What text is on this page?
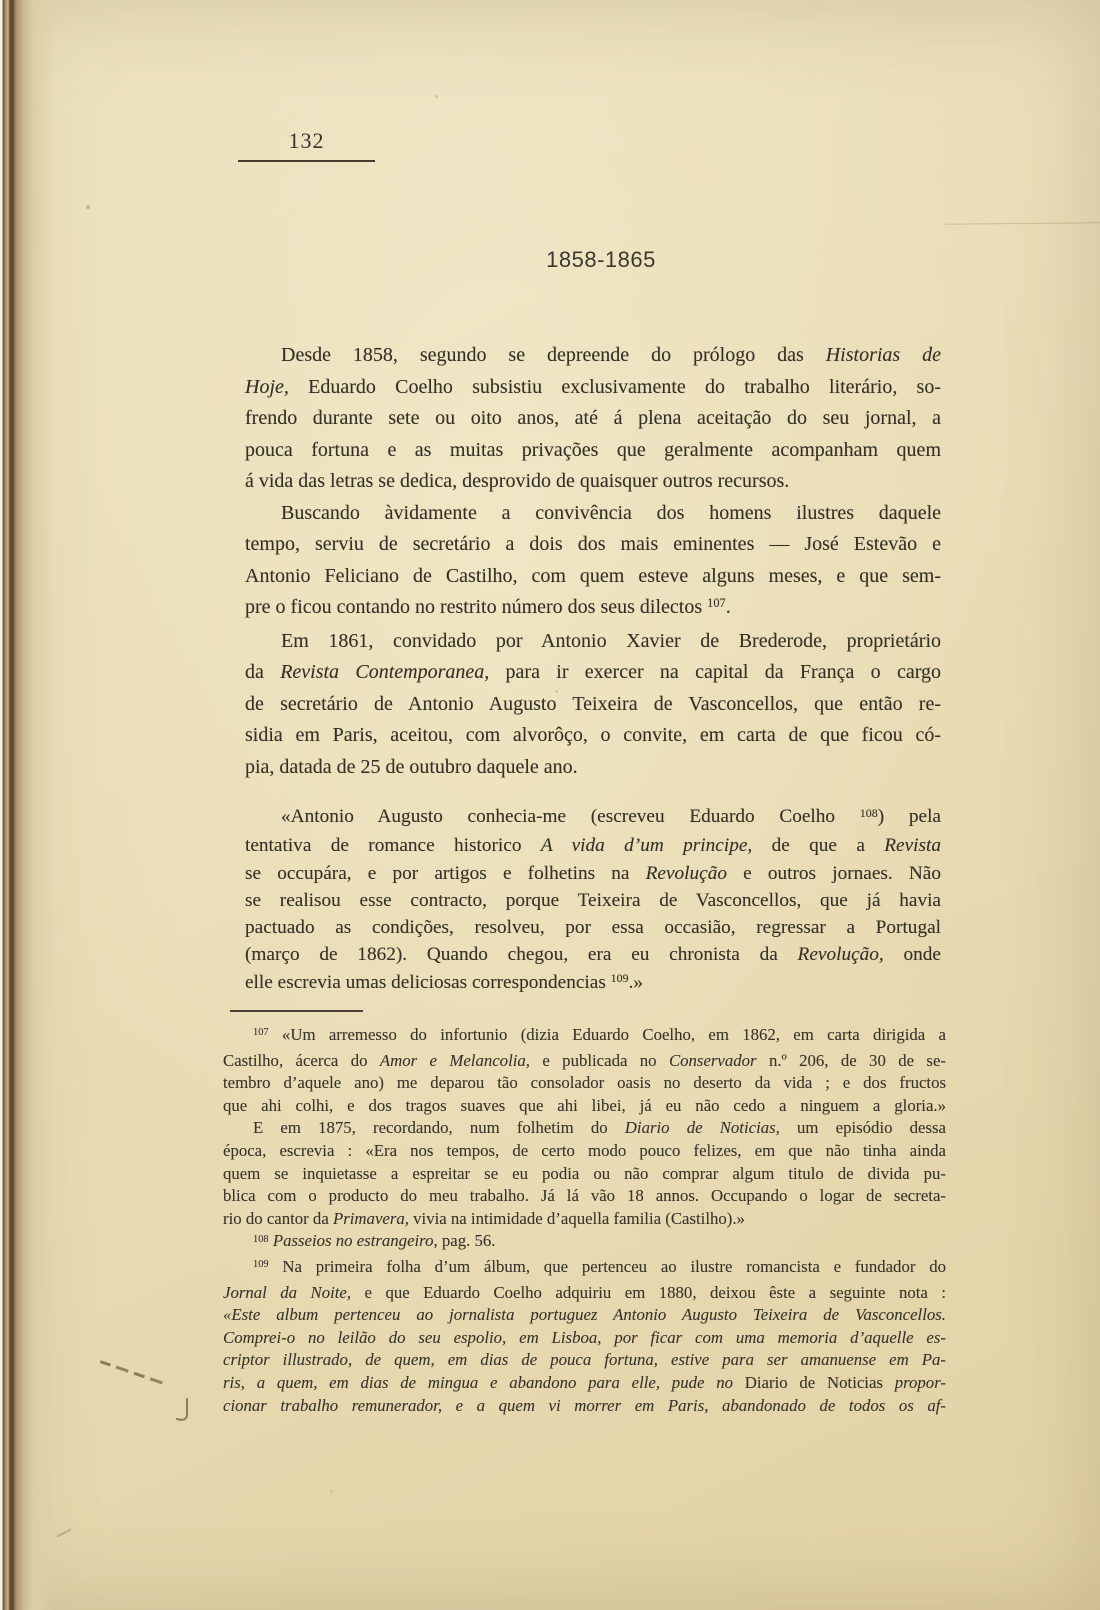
132
1858-1865
Desde 1858, segundo se depreende do prólogo das Historias de
Hoje, Eduardo Coelho subsistiu exclusivamente do trabalho literário, so-
frendo durante sete ou oito anos, até á plena aceitação do seu jornal, a
pouca fortuna e as muitas privações que geralmente acompanham quem
á vida das letras se dedica, desprovido de quaisquer outros recursos.
Buscando àvidamente a convivência dos homens ilustres daquele
tempo, serviu de secretário a dois dos mais eminentes — José Estevão e
Antonio Feliciano de Castilho, com quem esteve alguns meses, e que sem-
pre o ficou contando no restrito número dos seus dilectos $^{107}$.
Em 1861, convidado por Antonio Xavier de Brederode, proprietário
da Revista Contemporanea, para ir exercer na capital da França o cargo
de secretário de Antonio Augusto Teixeira de Vasconcellos, que então re-
sidia em Paris, aceitou, com alvorôço, o convite, em carta de que ficou có-
pia, datada de 25 de outubro daquele ano.
«Antonio Augusto conhecia-me (escreveu Eduardo Coelho $^{108}$) pela
tentativa de romance historico A vida d’um principe, de que a Revista
se occupára, e por artigos e folhetins na Revolução e outros jornaes. Não
se realisou esse contracto, porque Teixeira de Vasconcellos, que já havia
pactuado as condições, resolveu, por essa occasião, regressar a Portugal
(março de 1862). Quando chegou, era eu chronista da Revolução, onde
elle escrevia umas deliciosas correspondencias $^{109}$.»
$^{107}$ «Um arremesso do infortunio (dizia Eduardo Coelho, em 1862, em carta dirigida a
Castilho, ácerca do Amor e Melancolia, e publicada no Conservador n.º 206, de 30 de se-
tembro d’aquele ano) me deparou tão consolador oasis no deserto da vida ; e dos fructos
que ahi colhi, e dos tragos suaves que ahi libei, já eu não cedo a ninguem a gloria.»
E em 1875, recordando, num folhetim do Diario de Noticias, um episódio dessa
época, escrevia : «Era nos tempos, de certo modo pouco felizes, em que não tinha ainda
quem se inquietasse a espreitar se eu podia ou não comprar algum titulo de divida pu-
blica com o producto do meu trabalho. Já lá vão 18 annos. Occupando o logar de secreta-
rio do cantor da Primavera, vivia na intimidade d’aquella familia (Castilho).»
$^{108}$ Passeios no estrangeiro, pag. 56.
$^{109}$ Na primeira folha d’um álbum, que pertenceu ao ilustre romancista e fundador do
Jornal da Noite, e que Eduardo Coelho adquiriu em 1880, deixou êste a seguinte nota :
«Este album pertenceu ao jornalista portuguez Antonio Augusto Teixeira de Vasconcellos.
Comprei-o no leilão do seu espolio, em Lisboa, por ficar com uma memoria d’aquelle es-
criptor illustrado, de quem, em dias de pouca fortuna, estive para ser amanuense em Pa-
ris, a quem, em dias de mingua e abandono para elle, pude no Diario de Noticias propor-
cionar trabalho remunerador, e a quem vi morrer em Paris, abandonado de todos os af-
